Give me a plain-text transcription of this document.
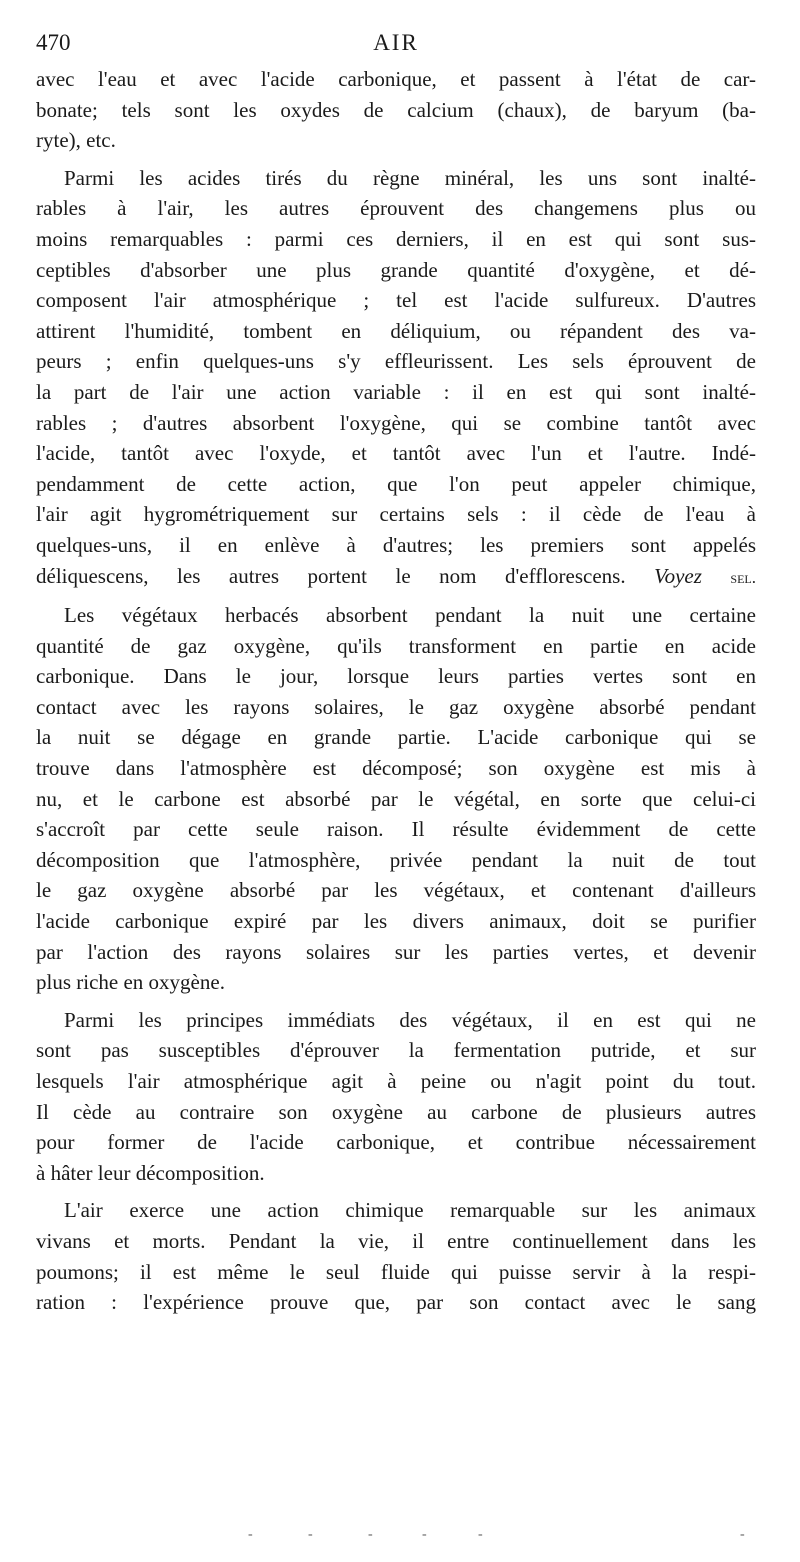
470	AIR
avec l'eau et avec l'acide carbonique, et passent à l'état de car-
bonate; tels sont les oxydes de calcium (chaux), de baryum (ba-
ryte), etc.
Parmi les acides tirés du règne minéral, les uns sont inalté-
rables à l'air, les autres éprouvent des changemens plus ou
moins remarquables : parmi ces derniers, il en est qui sont sus-
ceptibles d'absorber une plus grande quantité d'oxygène, et dé-
composent l'air atmosphérique ; tel est l'acide sulfureux. D'autres
attirent l'humidité, tombent en déliquium, ou répandent des va-
peurs ; enfin quelques-uns s'y effleurissent. Les sels éprouvent de
la part de l'air une action variable : il en est qui sont inalté-
rables ; d'autres absorbent l'oxygène, qui se combine tantôt avec
l'acide, tantôt avec l'oxyde, et tantôt avec l'un et l'autre. Indé-
pendamment de cette action, que l'on peut appeler chimique,
l'air agit hygrométriquement sur certains sels : il cède de l'eau à
quelques-uns, il en enlève à d'autres; les premiers sont appelés
déliquescens, les autres portent le nom d'efflorescens. Voyez sel.
Les végétaux herbacés absorbent pendant la nuit une certaine
quantité de gaz oxygène, qu'ils transforment en partie en acide
carbonique. Dans le jour, lorsque leurs parties vertes sont en
contact avec les rayons solaires, le gaz oxygène absorbé pendant
la nuit se dégage en grande partie. L'acide carbonique qui se
trouve dans l'atmosphère est décomposé; son oxygène est mis à
nu, et le carbone est absorbé par le végétal, en sorte que celui-ci
s'accroît par cette seule raison. Il résulte évidemment de cette
décomposition que l'atmosphère, privée pendant la nuit de tout
le gaz oxygène absorbé par les végétaux, et contenant d'ailleurs
l'acide carbonique expiré par les divers animaux, doit se purifier
par l'action des rayons solaires sur les parties vertes, et devenir
plus riche en oxygène.
Parmi les principes immédiats des végétaux, il en est qui ne
sont pas susceptibles d'éprouver la fermentation putride, et sur
lesquels l'air atmosphérique agit à peine ou n'agit point du tout.
Il cède au contraire son oxygène au carbone de plusieurs autres
pour former de l'acide carbonique, et contribue nécessairement
à hâter leur décomposition.
L'air exerce une action chimique remarquable sur les animaux
vivans et morts. Pendant la vie, il entre continuellement dans les
poumons; il est même le seul fluide qui puisse servir à la respi-
ration : l'expérience prouve que, par son contact avec le sang
-	-	-	-	-	-
